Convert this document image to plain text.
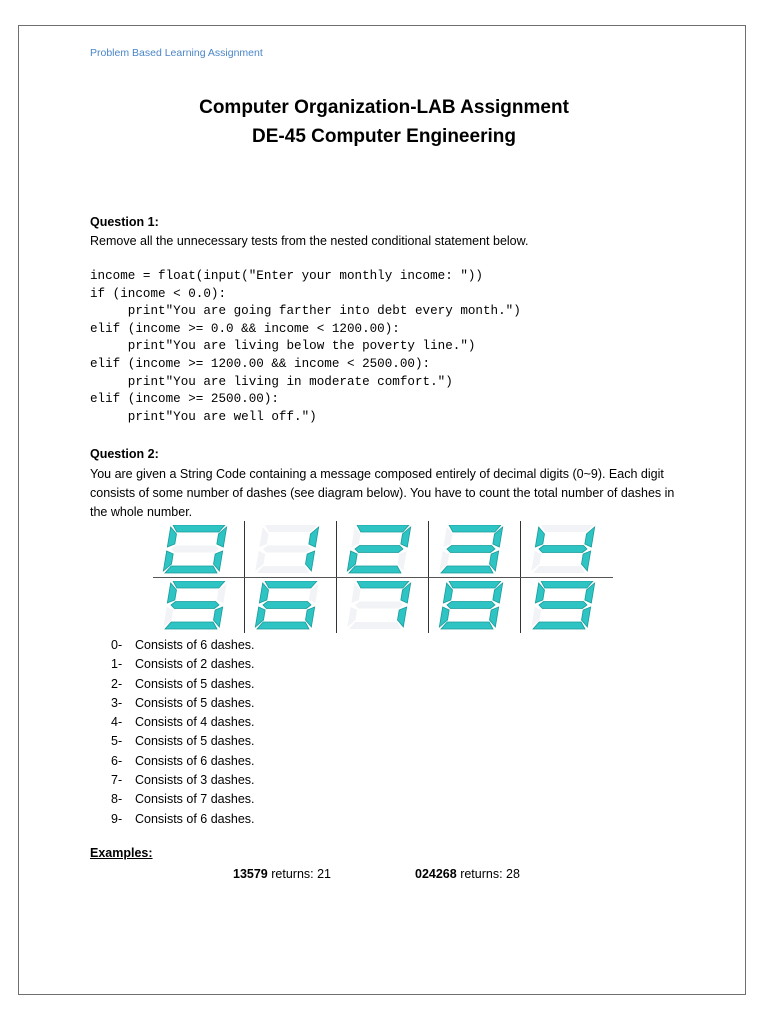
Problem Based Learning Assignment
Computer Organization-LAB Assignment
DE-45 Computer Engineering
Question 1:
Remove all the unnecessary tests from the nested conditional statement below.
income = float(input("Enter your monthly income: "))
if (income < 0.0):
print"You are going farther into debt every month.")
elif (income >= 0.0 && income < 1200.00):
print"You are living below the poverty line.")
elif (income >= 1200.00 && income < 2500.00):
print"You are living in moderate comfort.")
elif (income >= 2500.00):
print"You are well off.")
Question 2:
You are given a String Code containing a message composed entirely of decimal digits (0~9). Each digit consists of some number of dashes (see diagram below). You have to count the total number of dashes in the whole number.
0- Consists of 6 dashes.
1- Consists of 2 dashes.
2- Consists of 5 dashes.
3- Consists of 5 dashes.
4- Consists of 4 dashes.
5- Consists of 5 dashes.
6- Consists of 6 dashes.
7- Consists of 3 dashes.
8- Consists of 7 dashes.
9- Consists of 6 dashes.
Examples:
13579 returns: 21	024268 returns: 28
